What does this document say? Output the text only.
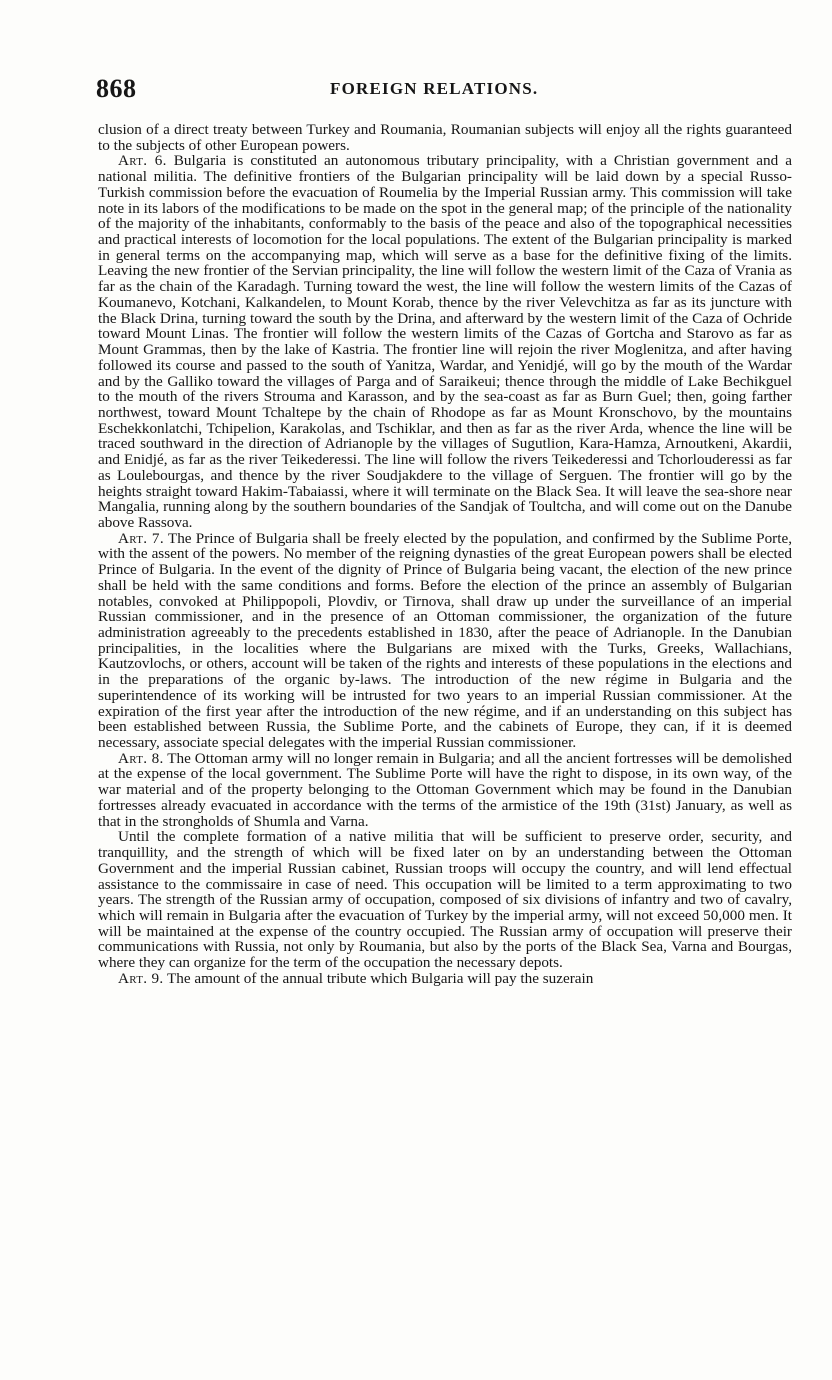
868	FOREIGN RELATIONS.

clusion of a direct treaty between Turkey and Roumania, Roumanian subjects will enjoy all the rights guaranteed to the subjects of other European powers.

Art. 6. Bulgaria is constituted an autonomous tributary principality, with a Christian government and a national militia. The definitive frontiers of the Bulgarian principality will be laid down by a special Russo-Turkish commission before the evacuation of Roumelia by the Imperial Russian army. This commission will take note in its labors of the modifications to be made on the spot in the general map; of the principle of the nationality of the majority of the inhabitants, conformably to the basis of the peace and also of the topographical necessities and practical interests of locomotion for the local populations. The extent of the Bulgarian principality is marked in general terms on the accompanying map, which will serve as a base for the definitive fixing of the limits. Leaving the new frontier of the Servian principality, the line will follow the western limit of the Caza of Vrania as far as the chain of the Karadagh. Turning toward the west, the line will follow the western limits of the Cazas of Koumanevo, Kotchani, Kalkandelen, to Mount Korab, thence by the river Velevchitza as far as its juncture with the Black Drina, turning toward the south by the Drina, and afterward by the western limit of the Caza of Ochride toward Mount Linas. The frontier will follow the western limits of the Cazas of Gortcha and Starovo as far as Mount Grammas, then by the lake of Kastria. The frontier line will rejoin the river Moglenitza, and after having followed its course and passed to the south of Yanitza, Wardar, and Yenidjé, will go by the mouth of the Wardar and by the Galliko toward the villages of Parga and of Saraikeui; thence through the middle of Lake Bechikguel to the mouth of the rivers Strouma and Karasson, and by the sea-coast as far as Burn Guel; then, going farther northwest, toward Mount Tchaltepe by the chain of Rhodope as far as Mount Kronschovo, by the mountains Eschekkonlatchi, Tchipelion, Karakolas, and Tschiklar, and then as far as the river Arda, whence the line will be traced southward in the direction of Adrianople by the villages of Sugutlion, Kara-Hamza, Arnoutkeni, Akardii, and Enidjé, as far as the river Teikederessi. The line will follow the rivers Teikederessi and Tchorlouderessi as far as Loulebourgas, and thence by the river Soudjakdere to the village of Serguen. The frontier will go by the heights straight toward Hakim-Tabaiassi, where it will terminate on the Black Sea. It will leave the sea-shore near Mangalia, running along by the southern boundaries of the Sandjak of Toultcha, and will come out on the Danube above Rassova.

Art. 7. The Prince of Bulgaria shall be freely elected by the population, and confirmed by the Sublime Porte, with the assent of the powers. No member of the reigning dynasties of the great European powers shall be elected Prince of Bulgaria. In the event of the dignity of Prince of Bulgaria being vacant, the election of the new prince shall be held with the same conditions and forms. Before the election of the prince an assembly of Bulgarian notables, convoked at Philippopoli, Plovdiv, or Tirnova, shall draw up under the surveillance of an imperial Russian commissioner, and in the presence of an Ottoman commissioner, the organization of the future administration agreeably to the precedents established in 1830, after the peace of Adrianople. In the Danubian principalities, in the localities where the Bulgarians are mixed with the Turks, Greeks, Wallachians, Kautzovlochs, or others, account will be taken of the rights and interests of these populations in the elections and in the preparations of the organic by-laws. The introduction of the new régime in Bulgaria and the superintendence of its working will be intrusted for two years to an imperial Russian commissioner. At the expiration of the first year after the introduction of the new régime, and if an understanding on this subject has been established between Russia, the Sublime Porte, and the cabinets of Europe, they can, if it is deemed necessary, associate special delegates with the imperial Russian commissioner.

Art. 8. The Ottoman army will no longer remain in Bulgaria; and all the ancient fortresses will be demolished at the expense of the local government. The Sublime Porte will have the right to dispose, in its own way, of the war material and of the property belonging to the Ottoman Government which may be found in the Danubian fortresses already evacuated in accordance with the terms of the armistice of the 19th (31st) January, as well as that in the strongholds of Shumla and Varna.

Until the complete formation of a native militia that will be sufficient to preserve order, security, and tranquillity, and the strength of which will be fixed later on by an understanding between the Ottoman Government and the imperial Russian cabinet, Russian troops will occupy the country, and will lend effectual assistance to the commissaire in case of need. This occupation will be limited to a term approximating to two years. The strength of the Russian army of occupation, composed of six divisions of infantry and two of cavalry, which will remain in Bulgaria after the evacuation of Turkey by the imperial army, will not exceed 50,000 men. It will be maintained at the expense of the country occupied. The Russian army of occupation will preserve their communications with Russia, not only by Roumania, but also by the ports of the Black Sea, Varna and Bourgas, where they can organize for the term of the occupation the necessary depots.

Art. 9. The amount of the annual tribute which Bulgaria will pay the suzerain
